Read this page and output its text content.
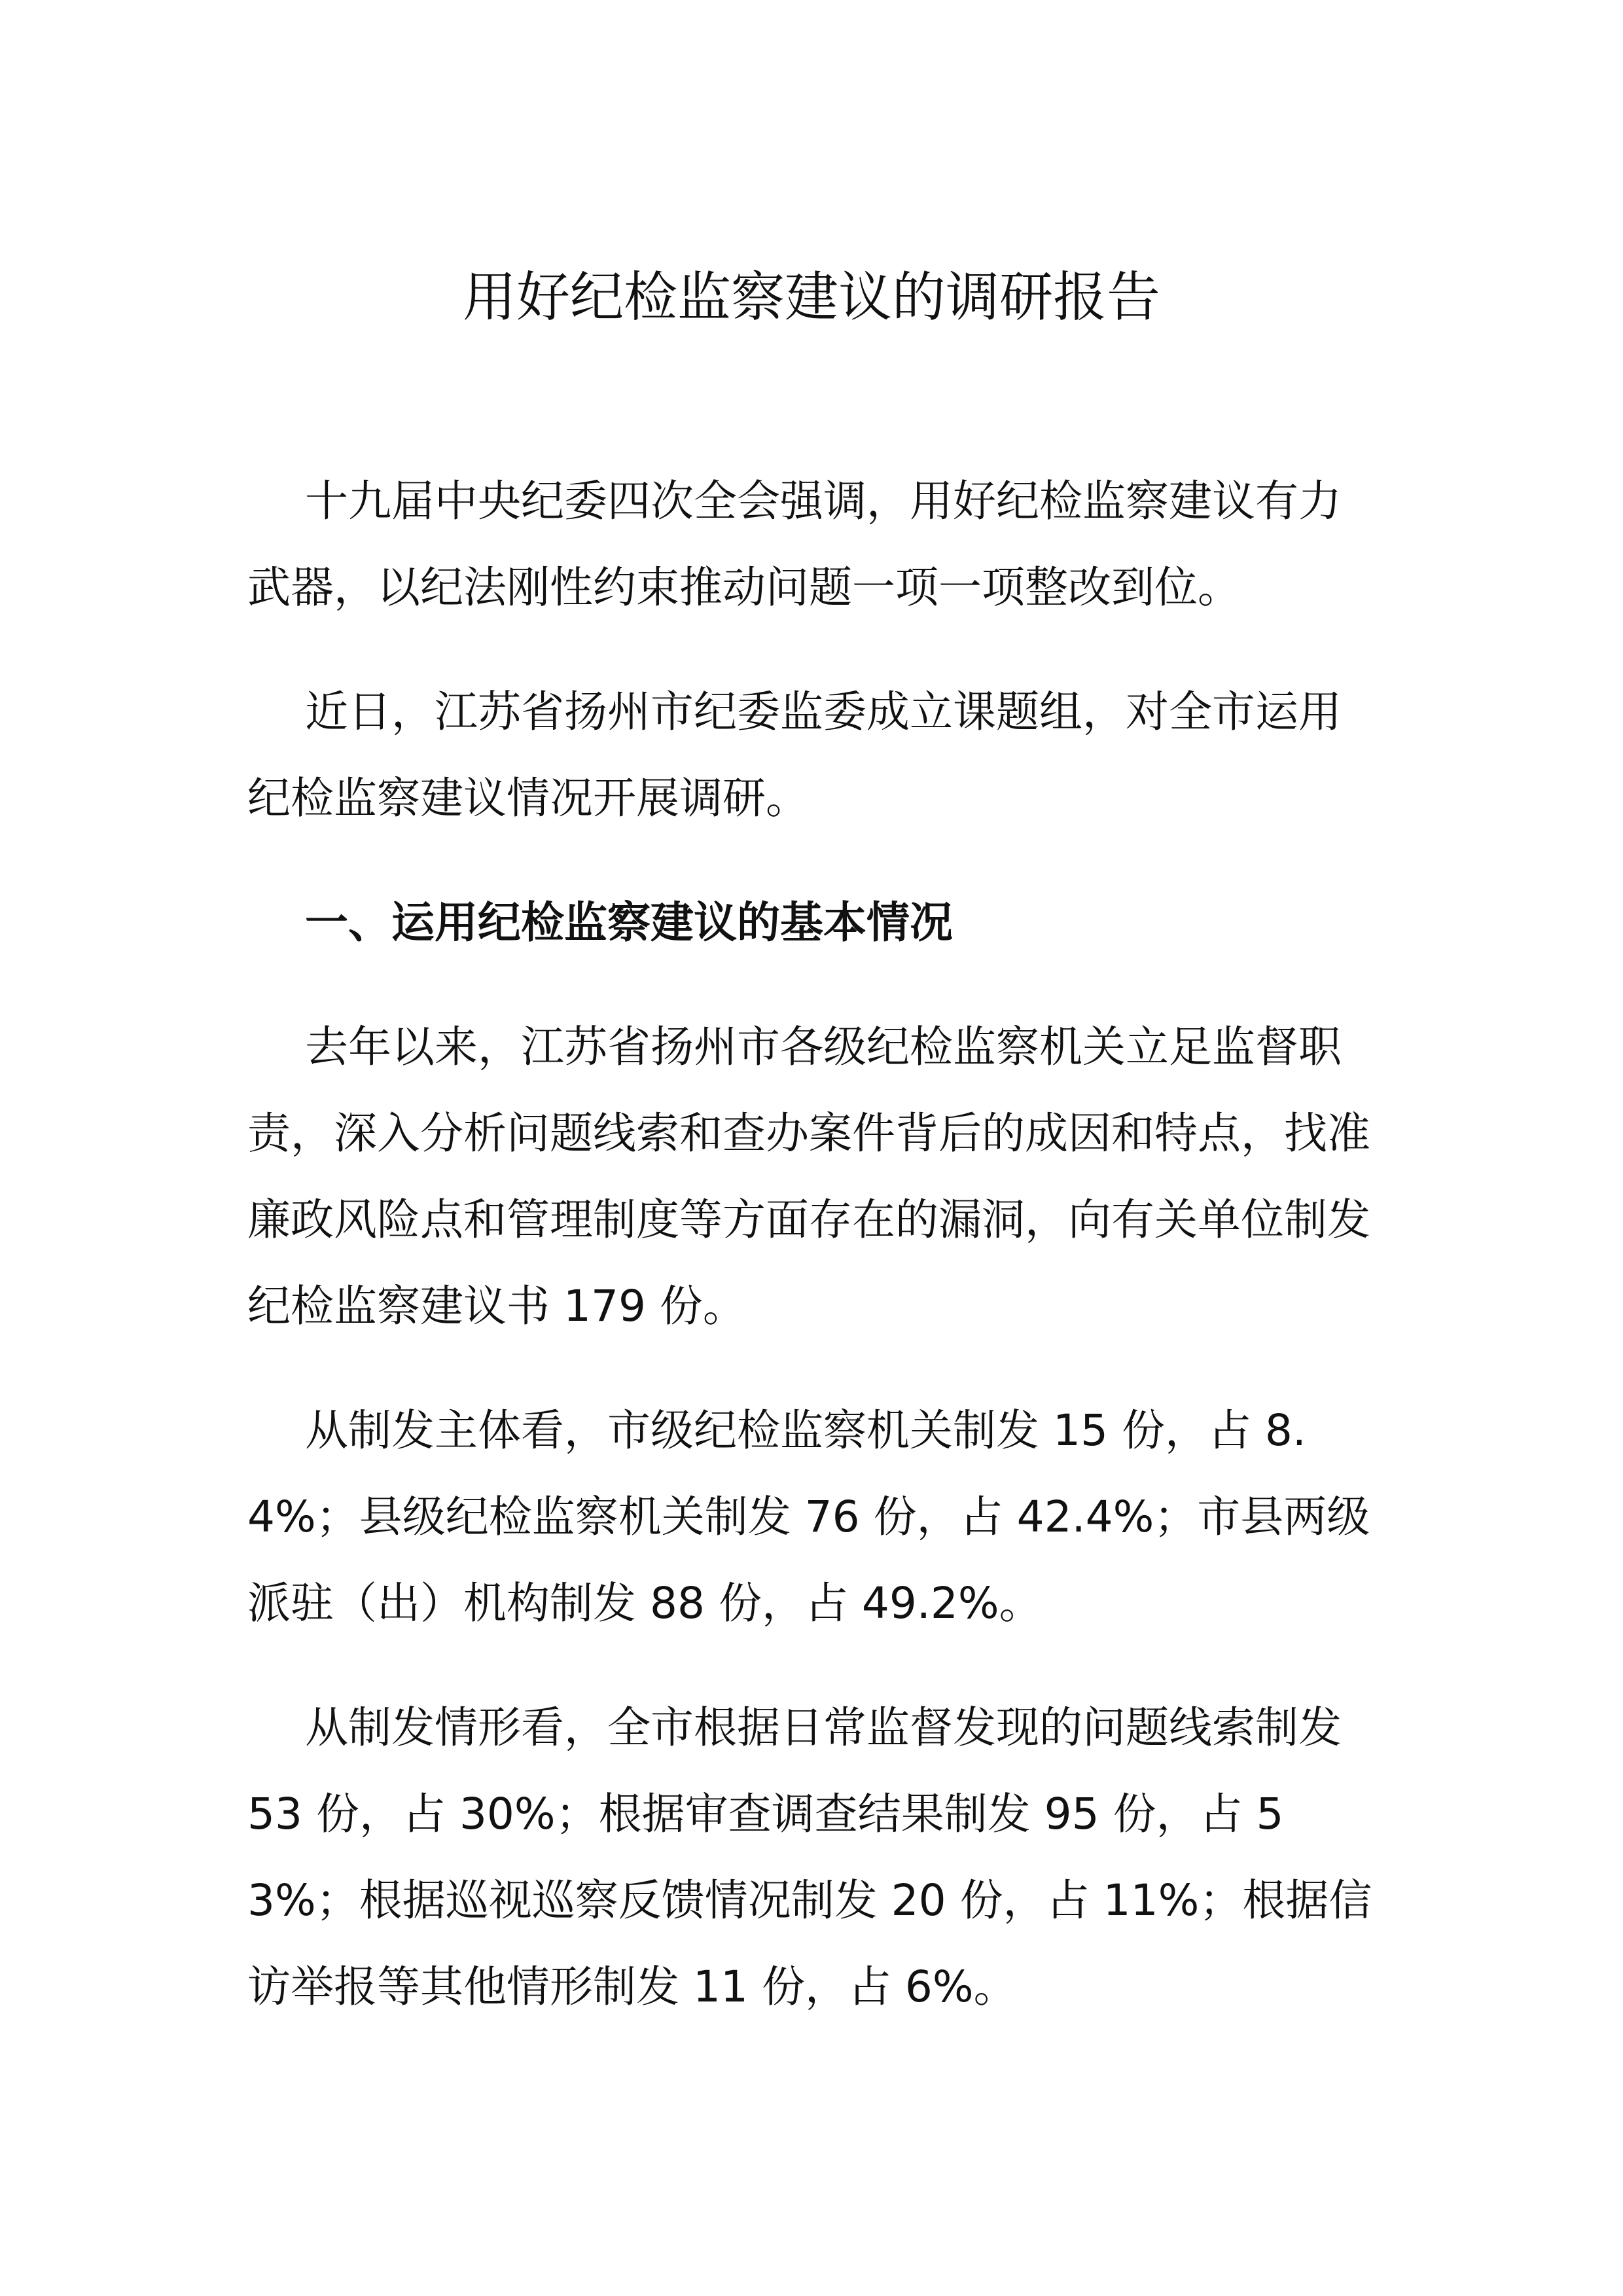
用好纪检监察建议的调研报告

十九届中央纪委四次全会强调，用好纪检监察建议有力武器，以纪法刚性约束推动问题一项一项整改到位。

近日，江苏省扬州市纪委监委成立课题组，对全市运用纪检监察建议情况开展调研。

一、运用纪检监察建议的基本情况

去年以来，江苏省扬州市各级纪检监察机关立足监督职责，深入分析问题线索和查办案件背后的成因和特点，找准廉政风险点和管理制度等方面存在的漏洞，向有关单位制发纪检监察建议书 179 份。

从制发主体看，市级纪检监察机关制发 15 份，占 8.4%；县级纪检监察机关制发 76 份，占 42.4%；市县两级派驻（出）机构制发 88 份，占 49.2%。

从制发情形看，全市根据日常监督发现的问题线索制发 53 份，占 30%；根据审查调查结果制发 95 份，占 53%；根据巡视巡察反馈情况制发 20 份，占 11%；根据信访举报等其他情形制发 11 份，占 6%。
